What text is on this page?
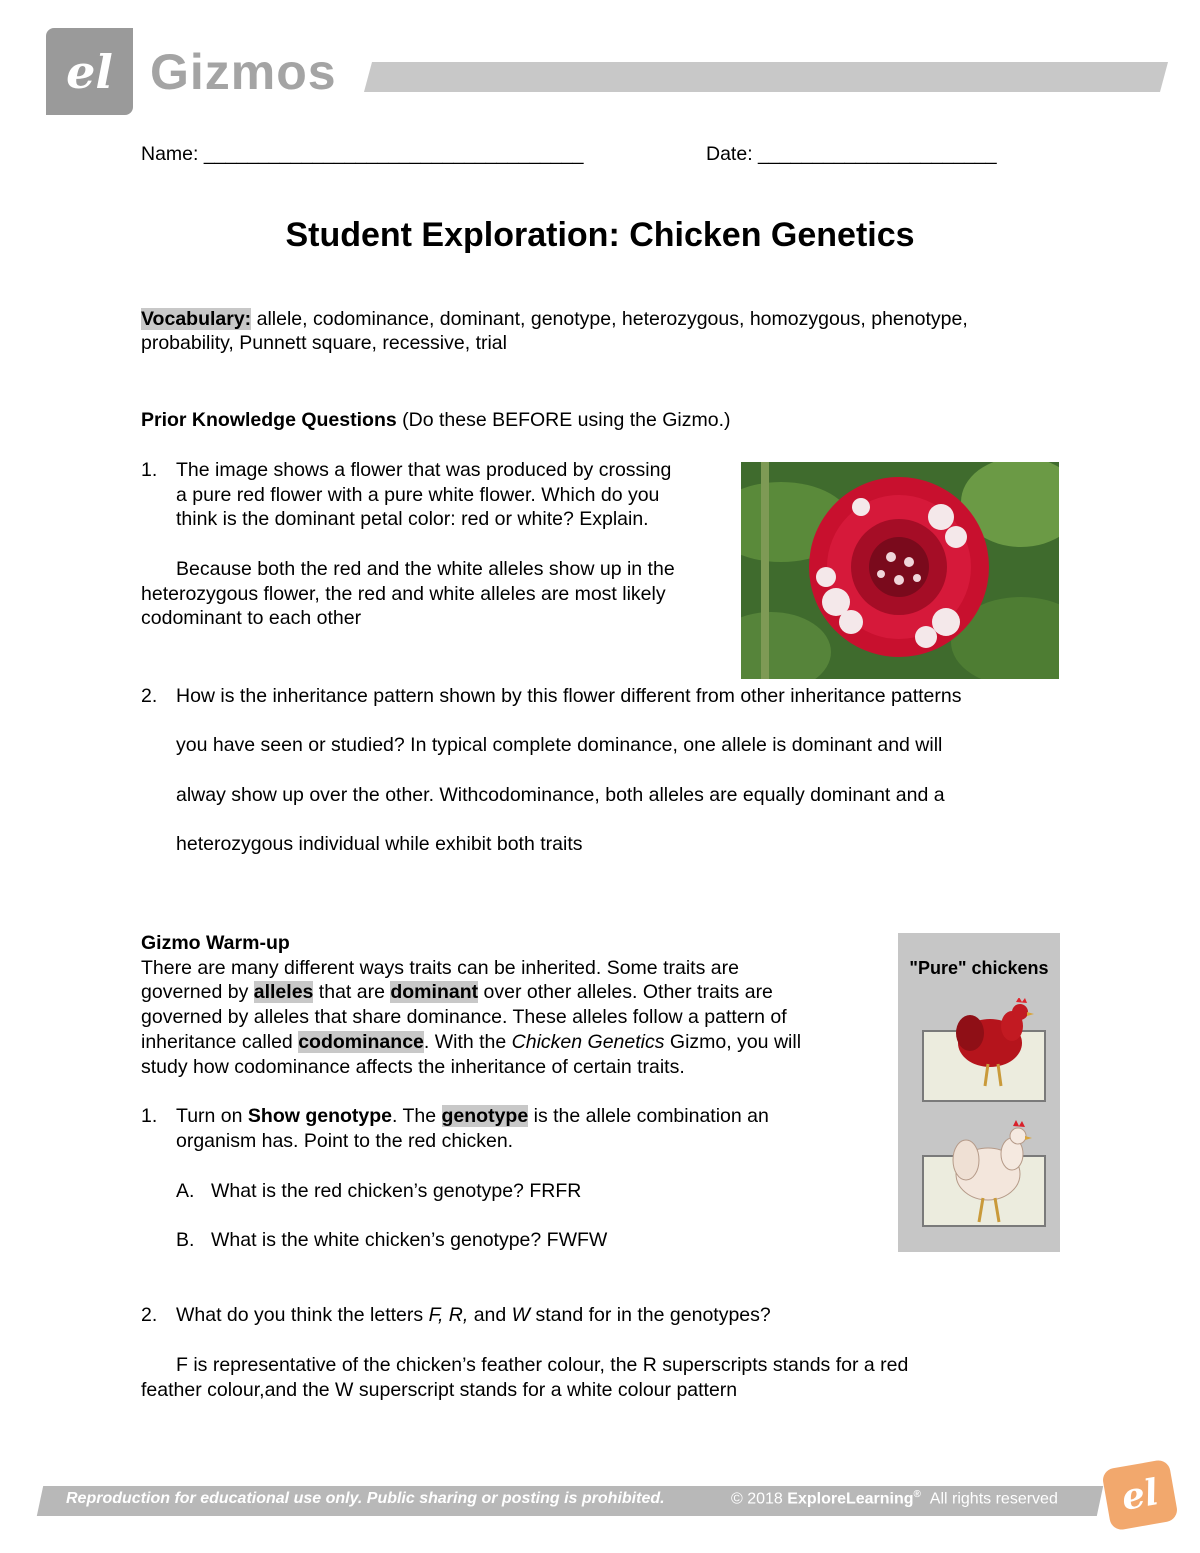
el Gizmos
Name: ___________________________________	Date: ______________________
Student Exploration: Chicken Genetics
Vocabulary: allele, codominance, dominant, genotype, heterozygous, homozygous, phenotype,
probability, Punnett square, recessive, trial
Prior Knowledge Questions (Do these BEFORE using the Gizmo.)
1. The image shows a flower that was produced by crossing
a pure red flower with a pure white flower. Which do you
think is the dominant petal color: red or white? Explain.
Because both the red and the white alleles show up in the
heterozygous flower, the red and white alleles are most likely
codominant to each other
2. How is the inheritance pattern shown by this flower different from other inheritance patterns
you have seen or studied? In typical complete dominance, one allele is dominant and will
alway show up over the other. Withcodominance, both alleles are equally dominant and a
heterozygous individual while exhibit both traits
Gizmo Warm-up
There are many different ways traits can be inherited. Some traits are
governed by alleles that are dominant over other alleles. Other traits are
governed by alleles that share dominance. These alleles follow a pattern of
inheritance called codominance. With the Chicken Genetics Gizmo, you will
study how codominance affects the inheritance of certain traits.
1. Turn on Show genotype. The genotype is the allele combination an
organism has. Point to the red chicken.
A. What is the red chicken’s genotype? FRFR
B. What is the white chicken’s genotype? FWFW
2. What do you think the letters F, R, and W stand for in the genotypes?
F is representative of the chicken’s feather colour, the R superscripts stands for a red
feather colour,and the W superscript stands for a white colour pattern
"Pure" chickens
Reproduction for educational use only. Public sharing or posting is prohibited.	© 2018 ExploreLearning® All rights reserved el
